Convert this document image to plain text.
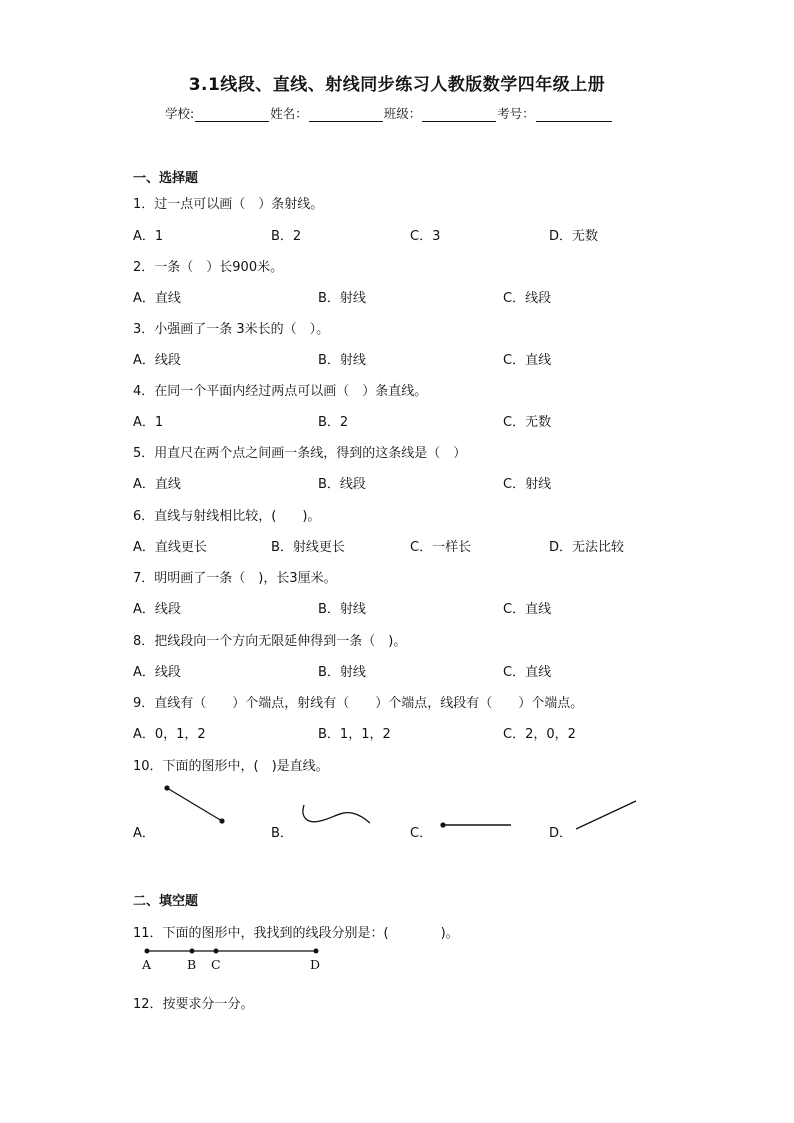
3.1线段、直线、射线同步练习人教版数学四年级上册
学校:	姓名：	班级：	考号：
一、选择题
1．过一点可以画（　）条射线。
A．1	B．2	C．3	D．无数
2．一条（　）长900米。
A．直线	B．射线	C．线段
3．小强画了一条 3米长的（　）。
A．线段	B．射线	C．直线
4．在同一个平面内经过两点可以画（　）条直线。
A．1	B．2	C．无数
5．用直尺在两个点之间画一条线，得到的这条线是（　）
A．直线	B．线段	C．射线
6．直线与射线相比较，(　　)。
A．直线更长	B．射线更长	C．一样长	D．无法比较
7．明明画了一条（　)，长3厘米。
A．线段	B．射线	C．直线
8．把线段向一个方向无限延伸得到一条（　)。
A．线段	B．射线	C．直线
9．直线有（　　）个端点，射线有（　　）个端点，线段有（　　）个端点。
A．0，1，2	B．1，1，2	C．2，0，2
10．下面的图形中，(　)是直线。
A．	B．	C．	D．
二、填空题
11．下面的图形中，我找到的线段分别是：(　　　　)。
A	B C	D
12．按要求分一分。
